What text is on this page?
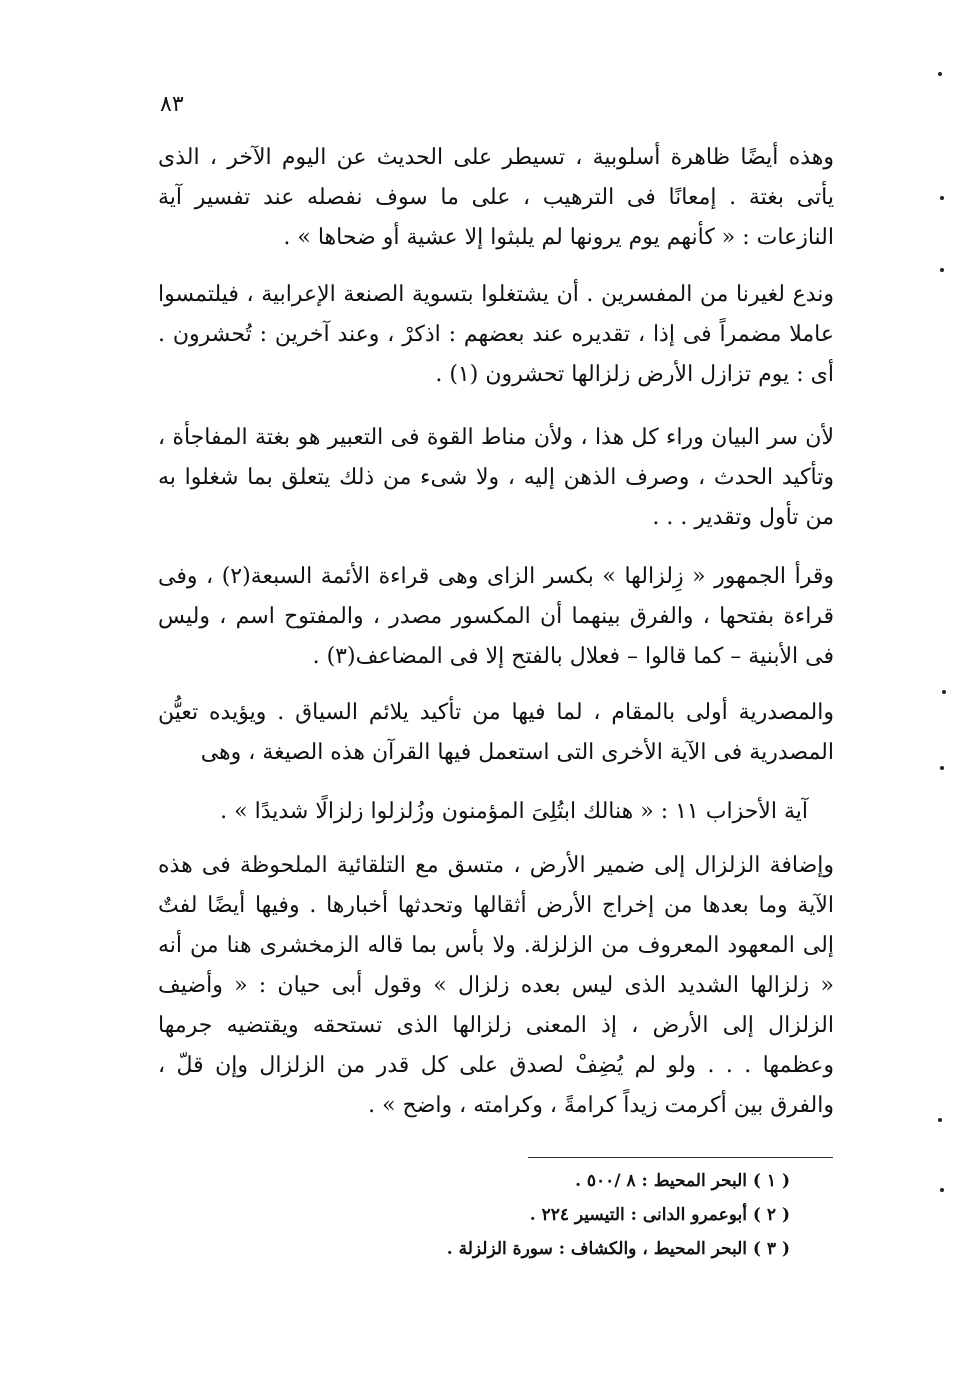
٨٣

وهذه أيضًا ظاهرة أسلوبية ، تسيطر على الحديث عن اليوم الآخر ، الذى يأتى بغتة . إمعانًا فى الترهيب ، على ما سوف نفصله عند تفسير آية النازعات : « كأنهم يوم يرونها لم يلبثوا إلا عشية أو ضحاها » .

وندع لغيرنا من المفسرين . أن يشتغلوا بتسوية الصنعة الإعرابية ، فيلتمسوا عاملا مضمراً فى إذا ، تقديره عند بعضهم : اذكرْ ، وعند آخرين : تُحشرون . أى : يوم تزازل الأرض زلزالها تحشرون (١) .

لأن سر البيان وراء كل هذا ، ولأن مناط القوة فى التعبير هو بغتة المفاجأة ، وتأكيد الحدث ، وصرف الذهن إليه ، ولا شىء من ذلك يتعلق بما شغلوا به من تأول وتقدير . . .

وقرأ الجمهور « زِلزالها » بكسر الزاى وهى قراءة الأئمة السبعة(٢) ، وفى قراءة بفتحها ، والفرق بينهما أن المكسور مصدر ، والمفتوح اسم ، وليس فى الأبنية – كما قالوا – فعلال بالفتح إلا فى المضاعف(٣) .

والمصدرية أولى بالمقام ، لما فيها من تأكيد يلائم السياق . ويؤيده تعيُّن المصدرية فى الآية الأخرى التى استعمل فيها القرآن هذه الصيغة ، وهى

آية الأحزاب ١١ : « هنالك ابتُلِىَ المؤمنون وزُلزلوا زلزالًا شديدًا » .

وإضافة الزلزال إلى ضمير الأرض ، متسق مع التلقائية الملحوظة فى هذه الآية وما بعدها من إخراج الأرض أثقالها وتحدثها أخبارها . وفيها أيضًا لفتٌ إلى المعهود المعروف من الزلزلة. ولا بأس بما قاله الزمخشرى هنا من أنه « زلزالها الشديد الذى ليس بعده زلزال » وقول أبى حيان : « وأضيف الزلزال إلى الأرض ، إذ المعنى زلزالها الذى تستحقه ويقتضيه جرمها وعظمها . . . ولو لم يُضِفْ لصدق على كل قدر من الزلزال وإن قلّ ، والفرق بين أكرمت زيداً كرامةً ، وكرامته ، واضح » .

( ١ ) البحر المحيط : ٨ /٥٠٠ .
( ٢ ) أبوعمرو الدانى : التيسير ٢٢٤ .
( ٣ ) البحر المحيط ، والكشاف : سورة الزلزلة .
